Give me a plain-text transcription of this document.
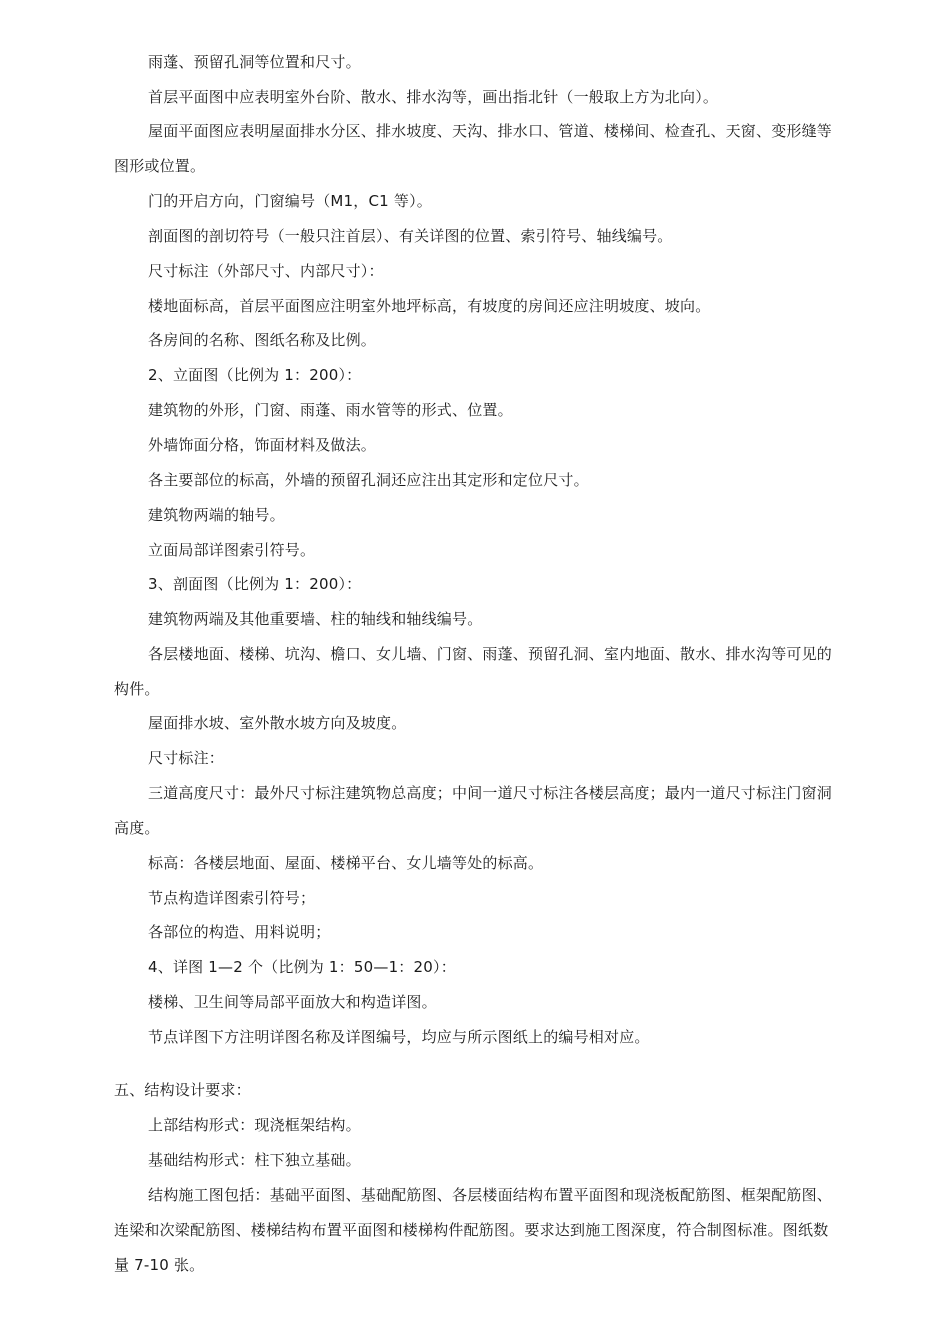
雨蓬、预留孔洞等位置和尺寸。
首层平面图中应表明室外台阶、散水、排水沟等，画出指北针（一般取上方为北向）。
屋面平面图应表明屋面排水分区、排水坡度、天沟、排水口、管道、楼梯间、检查孔、天窗、变形缝等图形或位置。
门的开启方向，门窗编号（M1，C1 等）。
剖面图的剖切符号（一般只注首层）、有关详图的位置、索引符号、轴线编号。
尺寸标注（外部尺寸、内部尺寸）：
楼地面标高，首层平面图应注明室外地坪标高，有坡度的房间还应注明坡度、坡向。
各房间的名称、图纸名称及比例。
2、立面图（比例为 1：200）：
建筑物的外形，门窗、雨蓬、雨水管等的形式、位置。
外墙饰面分格，饰面材料及做法。
各主要部位的标高，外墙的预留孔洞还应注出其定形和定位尺寸。
建筑物两端的轴号。
立面局部详图索引符号。
3、剖面图（比例为 1：200）：
建筑物两端及其他重要墙、柱的轴线和轴线编号。
各层楼地面、楼梯、坑沟、檐口、女儿墙、门窗、雨蓬、预留孔洞、室内地面、散水、排水沟等可见的构件。
屋面排水坡、室外散水坡方向及坡度。
尺寸标注：
三道高度尺寸：最外尺寸标注建筑物总高度；中间一道尺寸标注各楼层高度；最内一道尺寸标注门窗洞高度。
标高：各楼层地面、屋面、楼梯平台、女儿墙等处的标高。
节点构造详图索引符号；
各部位的构造、用料说明；
4、详图 1—2 个（比例为 1：50—1：20）：
楼梯、卫生间等局部平面放大和构造详图。
节点详图下方注明详图名称及详图编号，均应与所示图纸上的编号相对应。
五、结构设计要求：
上部结构形式：现浇框架结构。
基础结构形式：柱下独立基础。
结构施工图包括：基础平面图、基础配筋图、各层楼面结构布置平面图和现浇板配筋图、框架配筋图、连梁和次梁配筋图、楼梯结构布置平面图和楼梯构件配筋图。要求达到施工图深度，符合制图标准。图纸数量 7-10 张。
